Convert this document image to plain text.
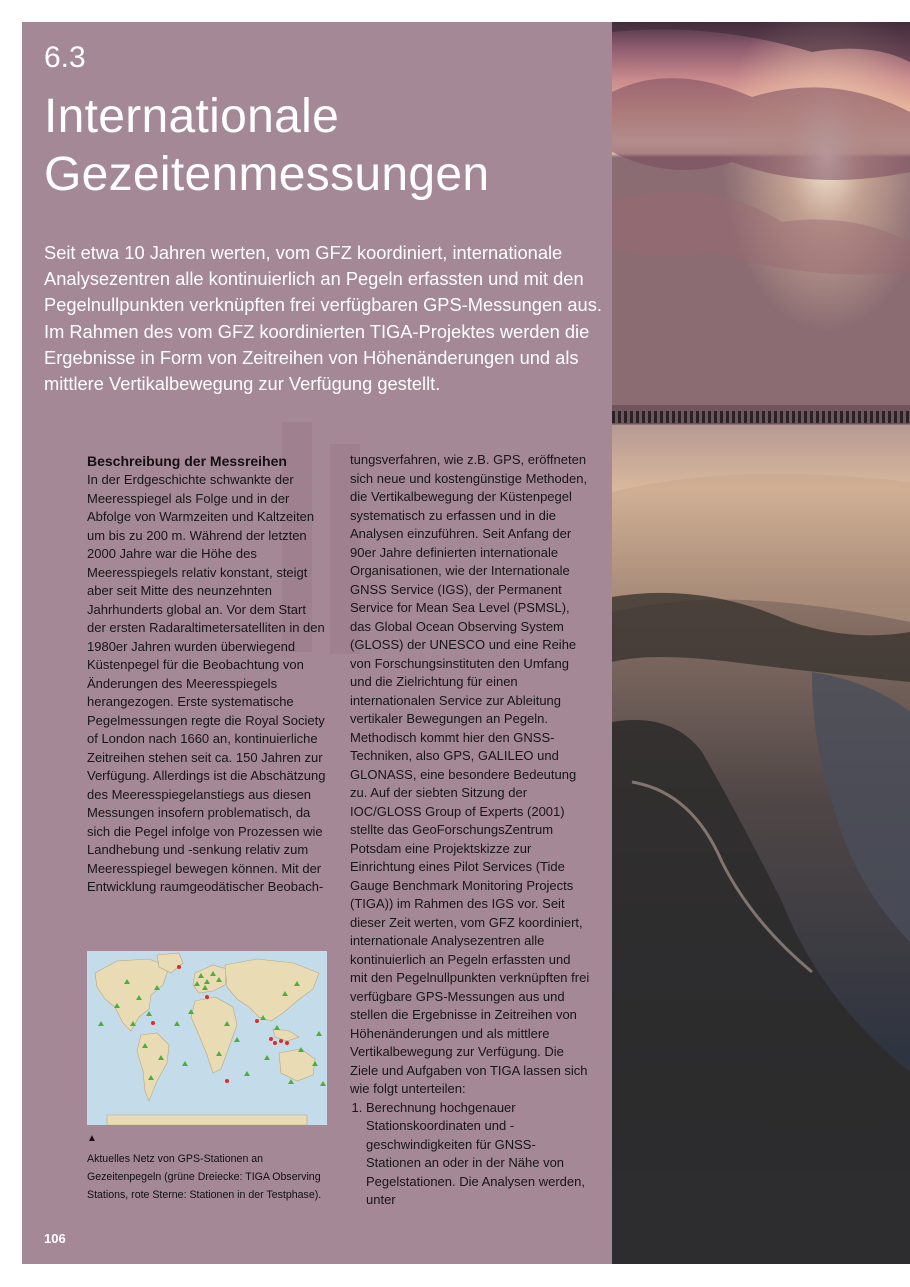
6.3
Internationale
Gezeitenmessungen

Seit etwa 10 Jahren werten, vom GFZ koordiniert, internationale Analysezentren alle kontinuierlich an Pegeln erfassten und mit den Pegelnullpunkten verknüpften frei verfügbaren GPS-Messungen aus. Im Rahmen des vom GFZ koordinierten TIGA-Projektes werden die Ergebnisse in Form von Zeitreihen von Höhenänderungen und als mittlere Vertikalbewegung zur Verfügung gestellt.

Beschreibung der Messreihen

In der Erdgeschichte schwankte der Meeresspiegel als Folge und in der Abfolge von Warmzeiten und Kaltzeiten um bis zu 200 m. Während der letzten 2000 Jahre war die Höhe des Meeresspiegels relativ konstant, steigt aber seit Mitte des neunzehnten Jahrhunderts global an. Vor dem Start der ersten Radaraltimetersatelliten in den 1980er Jahren wurden überwiegend Küstenpegel für die Beobachtung von Änderungen des Meeresspiegels herangezogen. Erste systematische Pegelmessungen regte die Royal Society of London nach 1660 an, kontinuierliche Zeitreihen stehen seit ca. 150 Jahren zur Verfügung. Allerdings ist die Abschätzung des Meeresspiegelanstiegs aus diesen Messungen insofern problematisch, da sich die Pegel infolge von Prozessen wie Landhebung und -senkung relativ zum Meeresspiegel bewegen können. Mit der Entwicklung raumgeodätischer Beobach-

tungsverfahren, wie z.B. GPS, eröffneten sich neue und kostengünstige Methoden, die Vertikalbewegung der Küstenpegel systematisch zu erfassen und in die Analysen einzuführen. Seit Anfang der 90er Jahre definierten internationale Organisationen, wie der Internationale GNSS Service (IGS), der Permanent Service for Mean Sea Level (PSMSL), das Global Ocean Observing System (GLOSS) der UNESCO und eine Reihe von Forschungsinstituten den Umfang und die Zielrichtung für einen internationalen Service zur Ableitung vertikaler Bewegungen an Pegeln. Methodisch kommt hier den GNSS-Techniken, also GPS, GALILEO und GLONASS, eine besondere Bedeutung zu. Auf der siebten Sitzung der IOC/GLOSS Group of Experts (2001) stellte das GeoForschungsZentrum Potsdam eine Projektskizze zur Einrichtung eines Pilot Services (Tide Gauge Benchmark Monitoring Projects (TIGA)) im Rahmen des IGS vor. Seit dieser Zeit werten, vom GFZ koordiniert, internationale Analysezentren alle kontinuierlich an Pegeln erfassten und mit den Pegelnullpunkten verknüpften frei verfügbare GPS-Messungen aus und stellen die Ergebnisse in Zeitreihen von Höhenänderungen und als mittlere Vertikalbewegung zur Verfügung. Die Ziele und Aufgaben von TIGA lassen sich wie folgt unterteilen:

1. Berechnung hochgenauer Stationskoordinaten und -geschwindigkeiten für GNSS-Stationen an oder in der Nähe von Pegelstationen. Die Analysen werden, unter
▲

Aktuelles Netz von GPS-Stationen an Gezeitenpegeln (grüne Dreiecke: TIGA Observing Stations, rote Sterne: Stationen in der Testphase).

106
